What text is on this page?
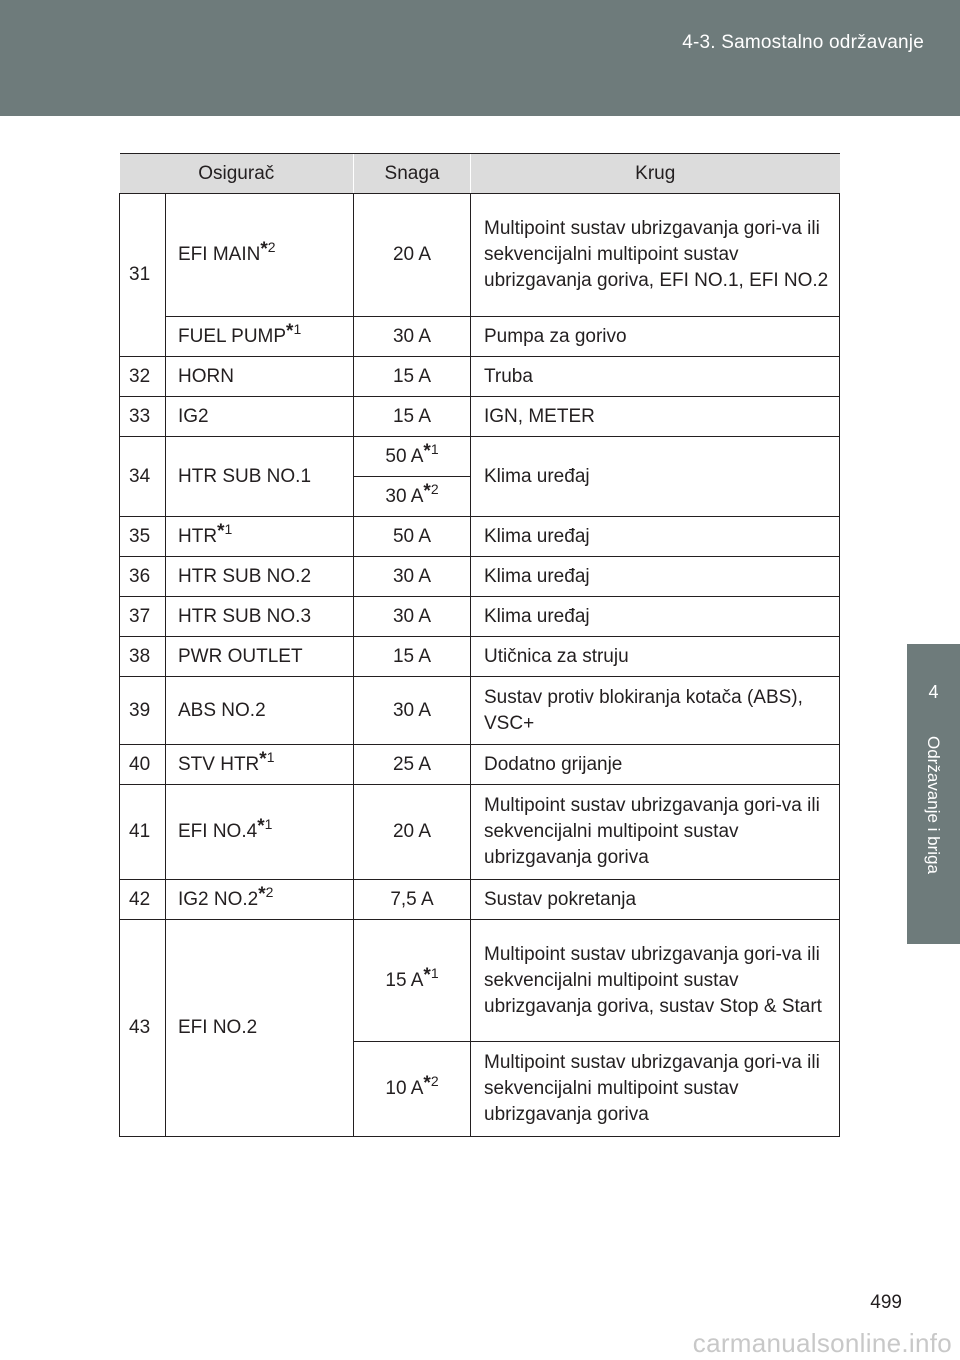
4-3. Samostalno održavanje
4
Održavanje i briga
Osigurač		Snaga	Krug
31	EFI MAIN$^{*2}$	20 A	Multipoint sustav ubrizgavanja gori-va ili sekvencijalni multipoint sustav ubrizgavanja goriva, EFI NO.1, EFI NO.2
	FUEL PUMP$^{*1}$	30 A	Pumpa za gorivo
32	HORN	15 A	Truba
33	IG2	15 A	IGN, METER
34	HTR SUB NO.1	50 $A^{*1}$	Klima uređaj
		30 $A^{*2}$
35	HTR$^{*1}$	50 A	Klima uređaj
36	HTR SUB NO.2	30 A	Klima uređaj
37	HTR SUB NO.3	30 A	Klima uređaj
38	PWR OUTLET	15 A	Utičnica za struju
39	ABS NO.2	30 A	Sustav protiv blokiranja kotača (ABS), VSC+
40	STV HTR$^{*1}$	25 A	Dodatno grijanje
41	EFI NO.4$^{*1}$	20 A	Multipoint sustav ubrizgavanja gori-va ili sekvencijalni multipoint sustav ubrizgavanja goriva
42	IG2 NO.2$^{*2}$	7,5 A	Sustav pokretanja
43	EFI NO.2	15 $A^{*1}$	Multipoint sustav ubrizgavanja gori-va ili sekvencijalni multipoint sustav ubrizgavanja goriva, sustav Stop & Start
		10 $A^{*2}$	Multipoint sustav ubrizgavanja gori-va ili sekvencijalni multipoint sustav ubrizgavanja goriva
499
carmanualsonline.info
